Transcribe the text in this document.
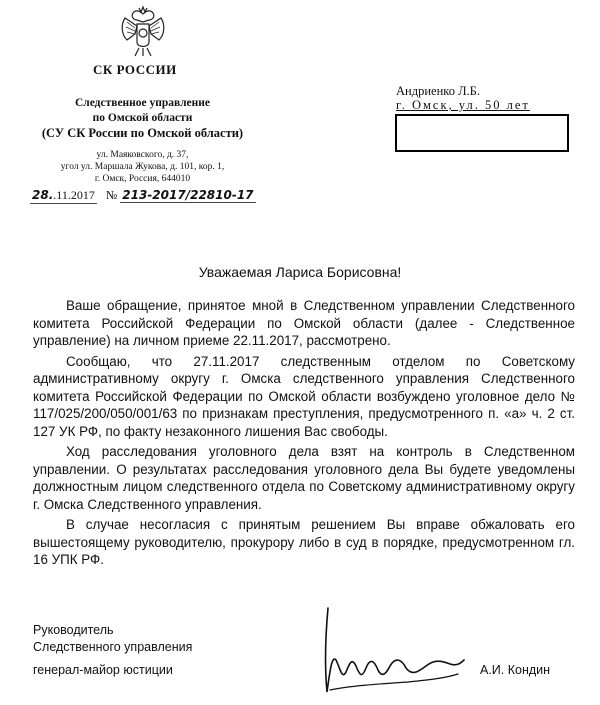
СК РОССИИ
Следственное управление
по Омской области
(СУ СК России по Омской области)
ул. Маяковского, д. 37,
угол ул. Маршала Жукова, д. 101, кор. 1,
г. Омск, Россия, 644010
28..11.2017 № 213-2017/22810-17
Андриенко Л.Б.
г. Омск, ул. 50 лет
Уважаемая Лариса Борисовна!

Ваше обращение, принятое мной в Следственном управлении Следственного комитета Российской Федерации по Омской области (далее - Следственное управление) на личном приеме 22.11.2017, рассмотрено.

Сообщаю, что 27.11.2017 следственным отделом по Советскому административному округу г. Омска следственного управления Следственного комитета Российской Федерации по Омской области возбуждено уголовное дело № 117/025/200/050/001/63 по признакам преступления, предусмотренного п. «а» ч. 2 ст. 127 УК РФ, по факту незаконного лишения Вас свободы.

Ход расследования уголовного дела взят на контроль в Следственном управлении. О результатах расследования уголовного дела Вы будете уведомлены должностным лицом следственного отдела по Советскому административному округу г. Омска Следственного управления.

В случае несогласия с принятым решением Вы вправе обжаловать его вышестоящему руководителю, прокурору либо в суд в порядке, предусмотренном гл. 16 УПК РФ.

Руководитель
Следственного управления
генерал-майор юстиции	А.И. Кондин
